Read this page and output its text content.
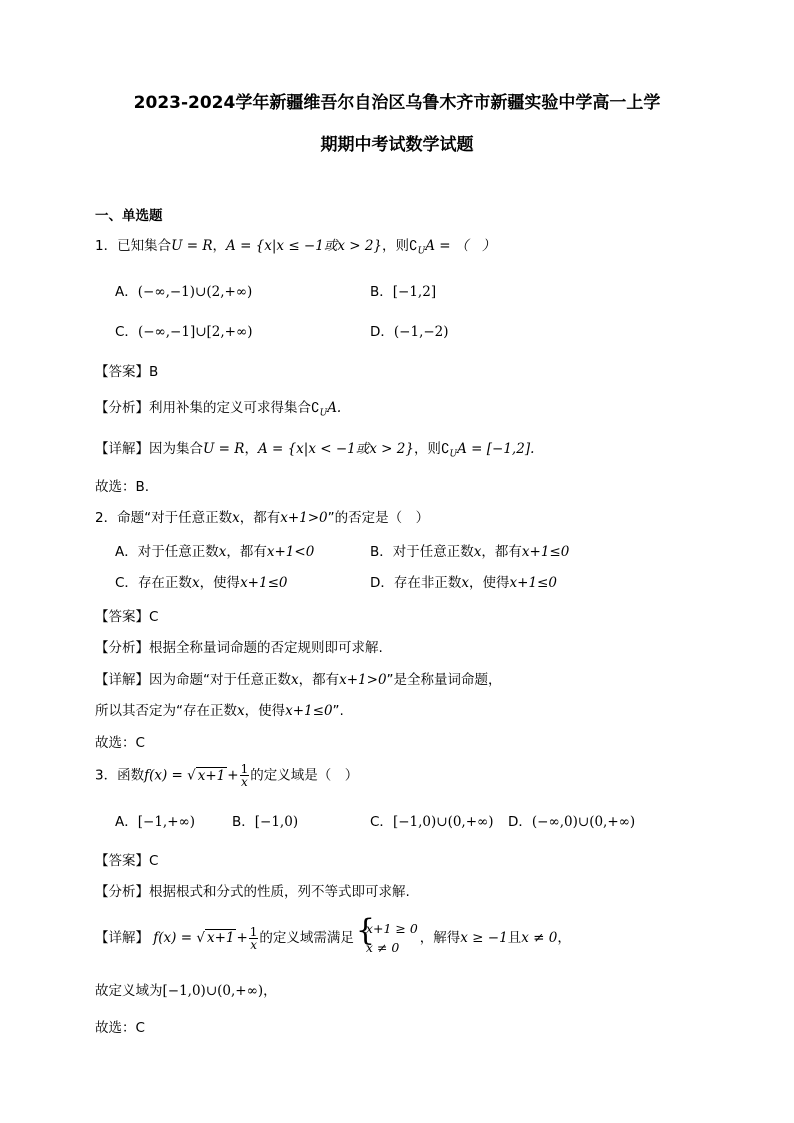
2023-2024学年新疆维吾尔自治区乌鲁木齐市新疆实验中学高一上学
期期中考试数学试题
一、单选题
1．已知集合U = R，A = {x|x ≤ −1或x > 2}，则$∁_UA$ = （　）
A．(−∞,−1)∪(2,+∞)	B．[−1,2]
C．(−∞,−1]∪[2,+∞)	D．(−1,−2)
【答案】B
【分析】利用补集的定义可求得集合$∁_UA$.
【详解】因为集合U = R，A = {x|x < −1或x > 2}，则$∁_UA = [-1,2]$.
故选：B.
2．命题“对于任意正数x，都有x+1>0”的否定是（　）
A．对于任意正数x，都有x+1<0	B．对于任意正数x，都有x+1≤0
C．存在正数x，使得x+1≤0	D．存在非正数x，使得x+1≤0
【答案】C
【分析】根据全称量词命题的否定规则即可求解.
【详解】因为命题“对于任意正数x，都有x+1>0”是全称量词命题，
所以其否定为“存在正数x，使得x+1≤0”.
故选：C
3．函数f(x) = √ $x+1 + \frac{1}{x}$ 的定义域是（　）
A．[−1,+∞)	B．[−1,0)	C．[−1,0)∪(0,+∞) D．(−∞,0)∪(0,+∞)
【答案】C
【分析】根据根式和分式的性质，列不等式即可求解.
【详解】 f(x) = √ $x+1 + \frac{1}{x}$ 的定义域需满足 {
x+1 ≥ 0
x ≠ 0
，解得x ≥ −1且x ≠ 0，
故定义域为[−1,0)∪(0,+∞)，
故选：C
